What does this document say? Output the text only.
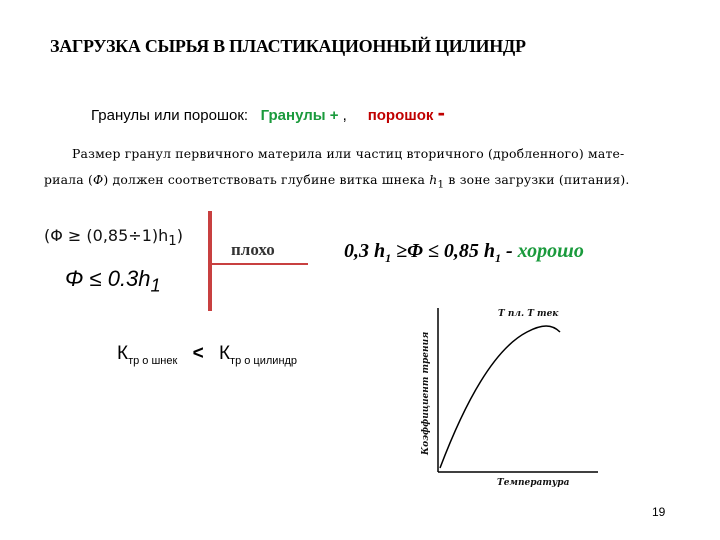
ЗАГРУЗКА СЫРЬЯ В ПЛАСТИКАЦИОННЫЙ ЦИЛИНДР
Гранулы или порошок: Гранулы + , порошок -
Размер гранул первичного материла или частиц вторичного (дробленного) мате-
риала (Φ) должен соответствовать глубине витка шнека $h_1$ в зоне загрузки (питания).
$(\Phi \ge (0,85\div 1)h_1)$
$\Phi \le 0.3h_1$
плохо	0,3 $h_1 \ge\Phi \le 0,85$ $h_1$ - хорошо
$К_{тр о шнек} < К_{тр о цилиндр}$
Т пл. Т тек
Температура
Коэффициент трения
19
